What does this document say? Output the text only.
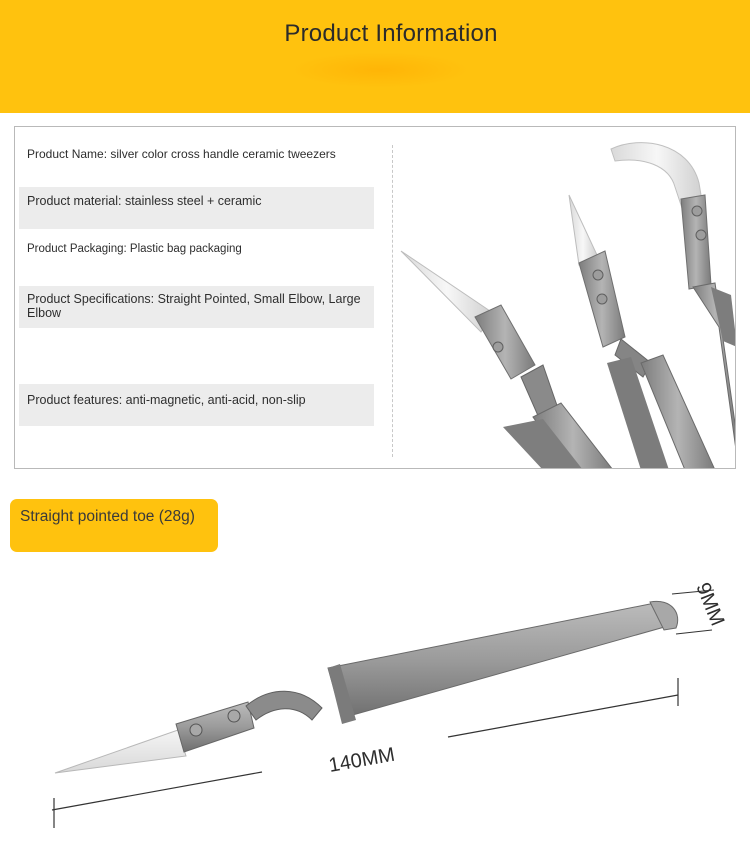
Product Information
Product Name: silver color cross handle ceramic tweezers
Product material: stainless steel + ceramic
Product Packaging: Plastic bag packaging
Product Specifications: Straight Pointed, Small Elbow, Large Elbow
Product features: anti-magnetic, anti-acid, non-slip
Straight pointed toe (28g)
140MM
9MM
